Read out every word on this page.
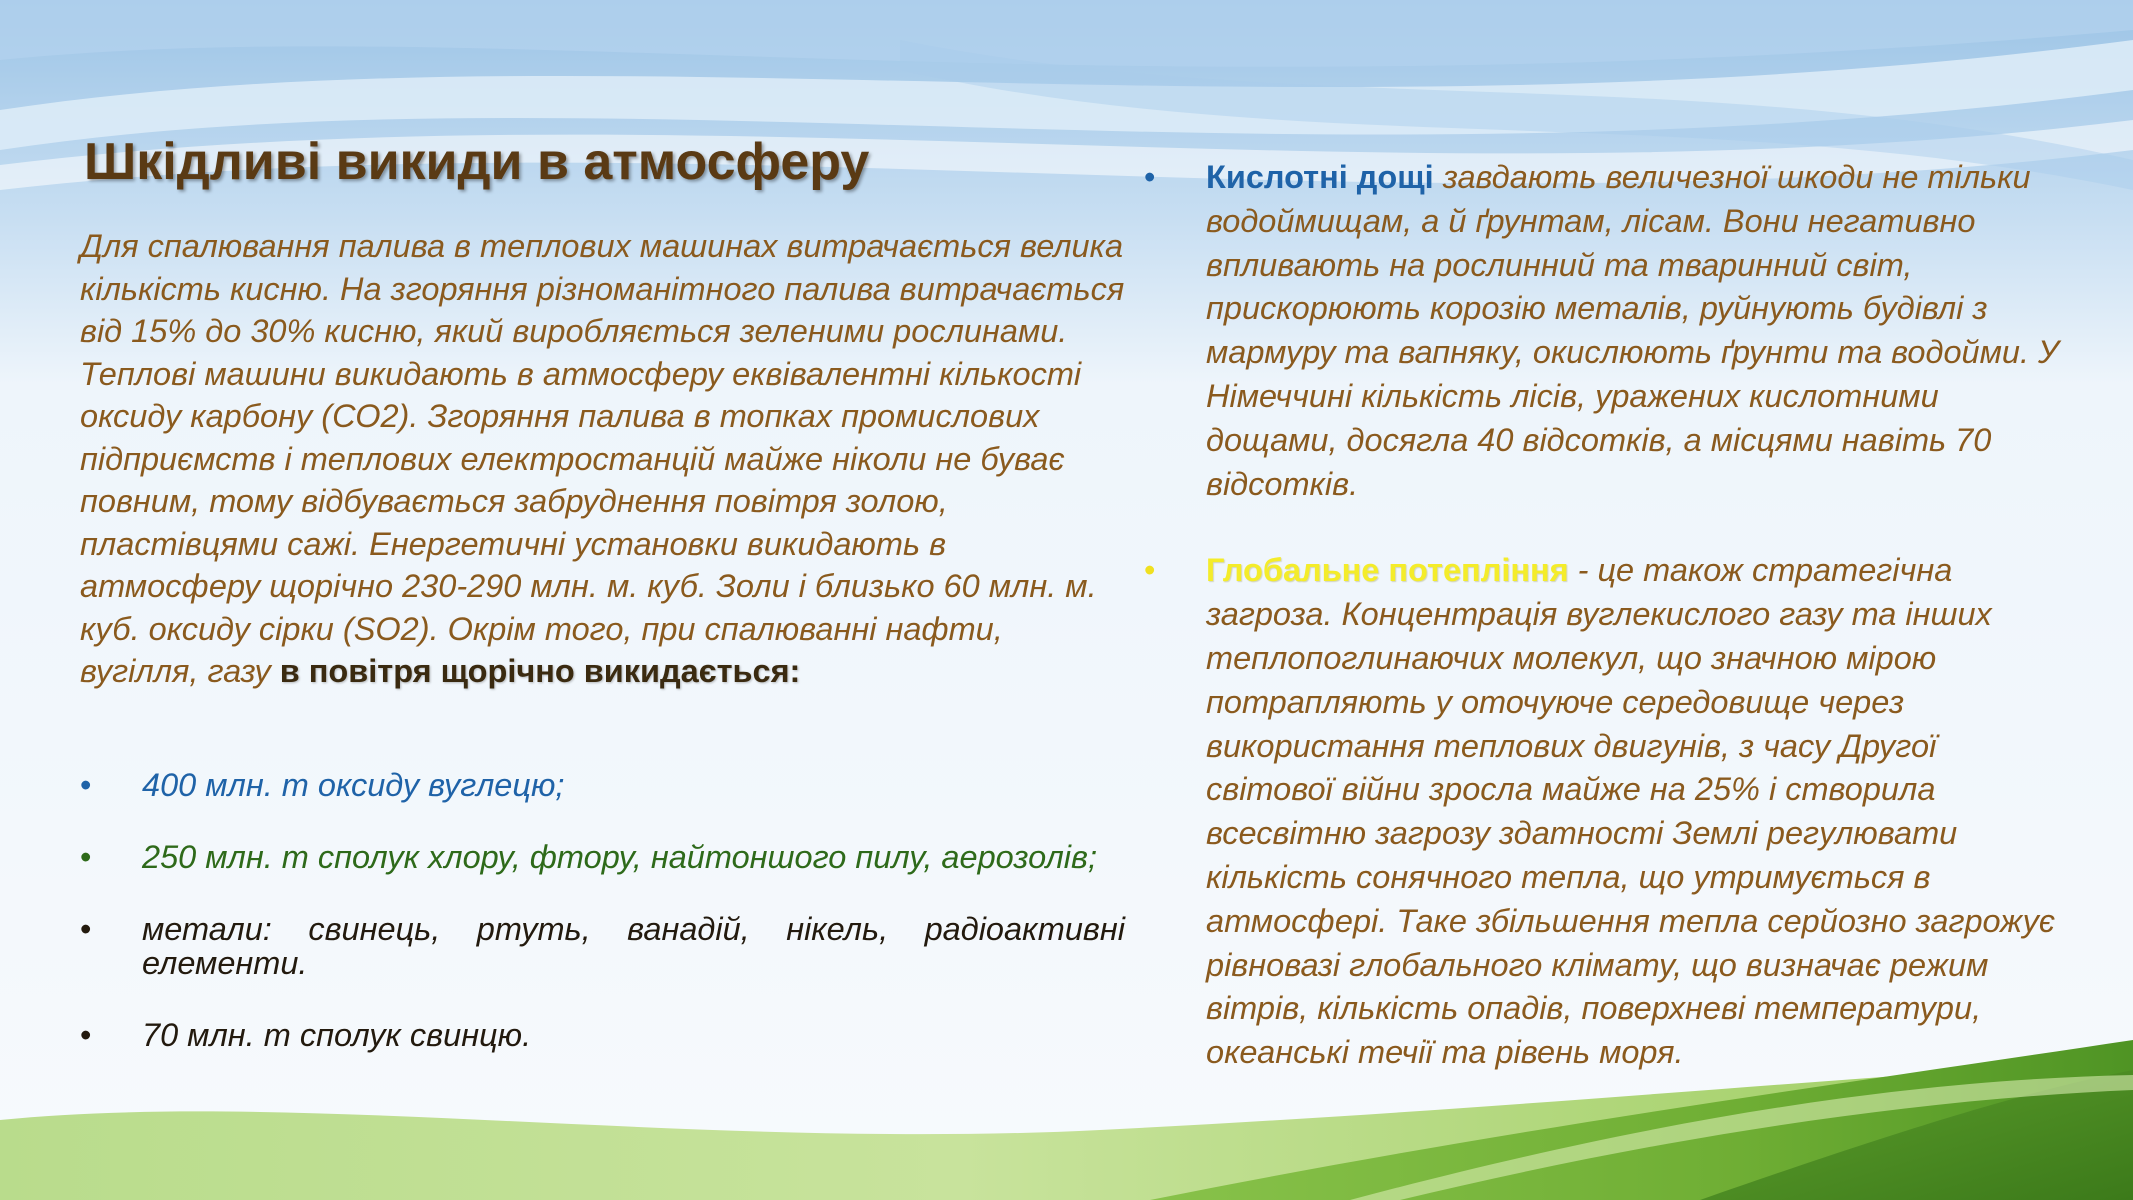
Шкідливі викиди в атмосферу

Для спалювання палива в теплових машинах витрачається велика кількість кисню. На згоряння різноманітного палива витрачається від 15% до 30% кисню, який виробляється зеленими рослинами. Теплові машини викидають в атмосферу еквівалентні кількості оксиду карбону (СО2). Згоряння палива в топках промислових підприємств і теплових електростанцій майже ніколи не буває повним, тому відбувається забруднення повітря золою, пластівцями сажі. Енергетичні установки викидають в атмосферу щорічно 230-290 млн. м. куб. Золи і близько 60 млн. м. куб. оксиду сірки (SO2). Окрім того, при спалюванні нафти, вугілля, газу в повітря щорічно викидається:

• 400 млн. т оксиду вуглецю;
• 250 млн. т сполук хлору, фтору, найтоншого пилу, аерозолів;
• метали: свинець, ртуть, ванадій, нікель, радіоактивні елементи.
• 70 млн. т сполук свинцю.
• Кислотні дощі завдають величезної шкоди не тільки водоймищам, а й ґрунтам, лісам. Вони негативно впливають на рослинний та тваринний світ, прискорюють корозію металів, руйнують будівлі з мармуру та вапняку, окислюють ґрунти та водойми. У Німеччині кількість лісів, уражених кислотними дощами, досягла 40 відсотків, а місцями навіть 70 відсотків.
• Глобальне потепління - це також стратегічна загроза. Концентрація вуглекислого газу та інших теплопоглинаючих молекул, що значною мірою потрапляють у оточуюче середовище через використання теплових двигунів, з часу Другої світової війни зросла майже на 25% і створила всесвітню загрозу здатності Землі регулювати кількість сонячного тепла, що утримується в атмосфері. Таке збільшення тепла серйозно загрожує рівновазі глобального клімату, що визначає режим вітрів, кількість опадів, поверхневі температури, океанські течії та рівень моря.
